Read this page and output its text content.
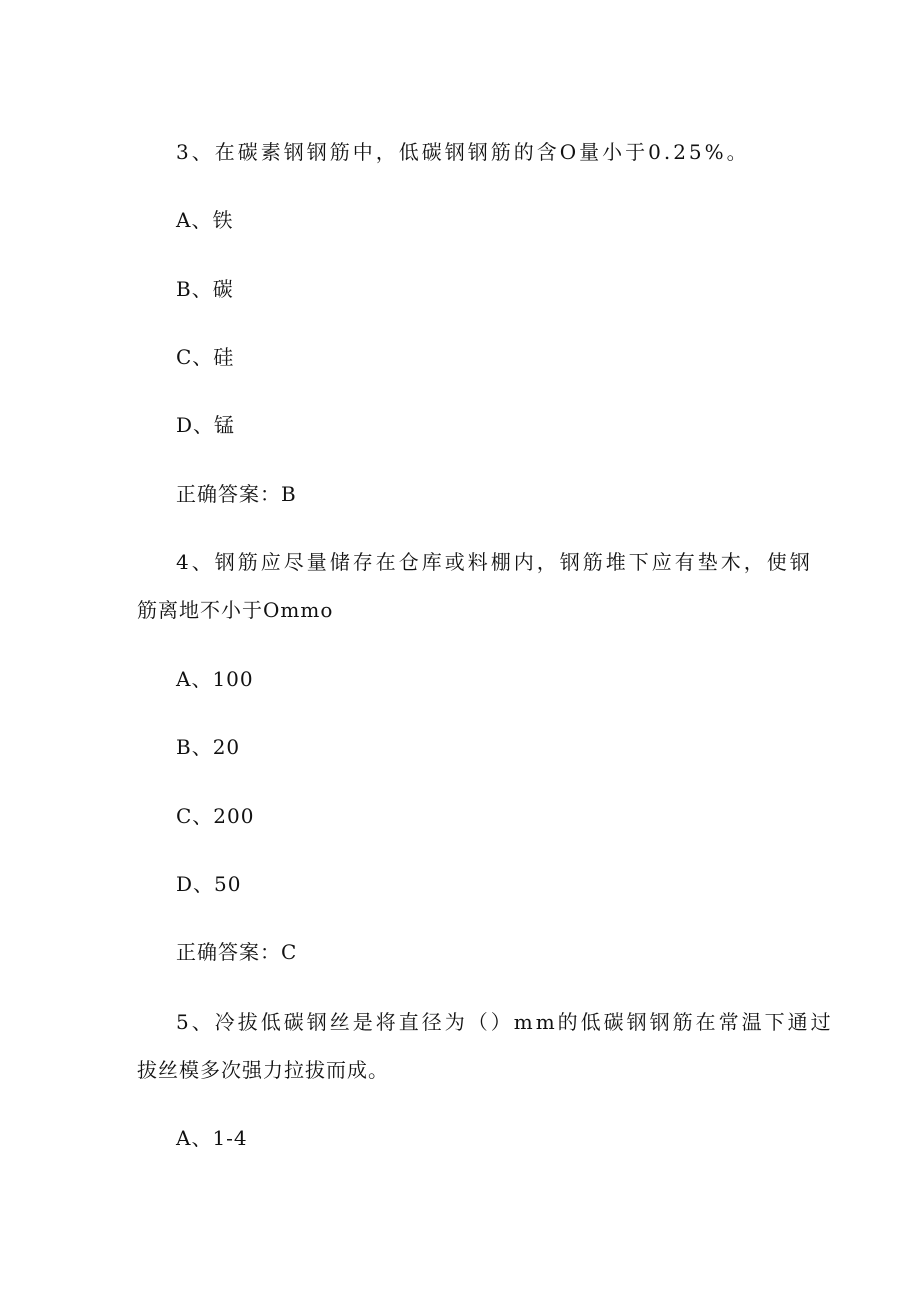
3、在碳素钢钢筋中，低碳钢钢筋的含O量小于0.25%。
A、铁
B、碳
C、硅
D、锰
正确答案：B
4、钢筋应尽量储存在仓库或料棚内，钢筋堆下应有垫木，使钢
筋离地不小于Ommo
A、100
B、20
C、200
D、50
正确答案：C
5、冷拔低碳钢丝是将直径为（）mm的低碳钢钢筋在常温下通过
拔丝模多次强力拉拔而成。
A、1-4
